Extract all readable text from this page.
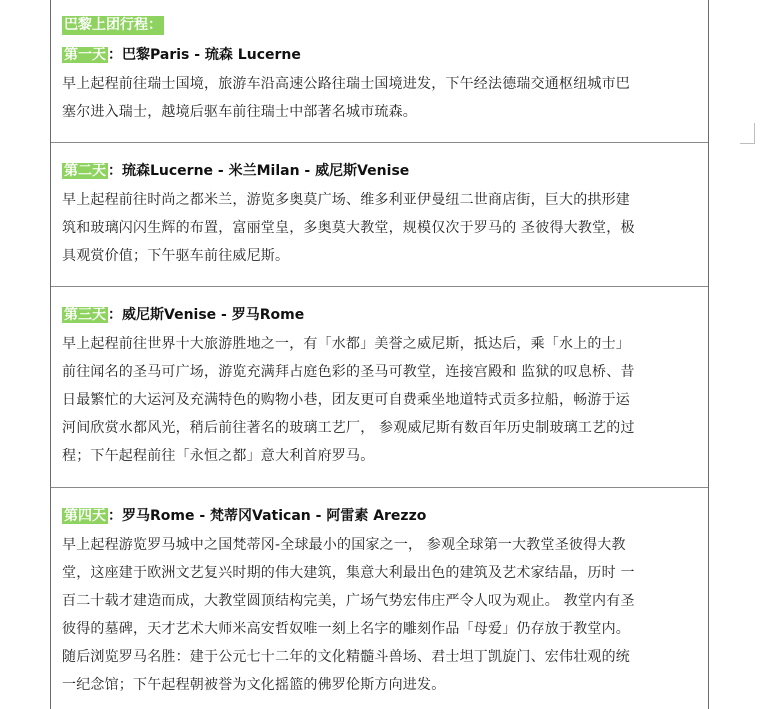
巴黎上团行程：
第一天 ：巴黎Paris - 琉森 Lucerne
早上起程前往瑞士国境，旅游车沿高速公路往瑞士国境进发，下午经法德瑞交通枢纽城市巴
塞尔进入瑞士，越境后驱车前往瑞士中部著名城市琉森。
第二天 ：琉森Lucerne - 米兰Milan - 威尼斯Venise
早上起程前往时尚之都米兰，游览多奥莫广场、维多利亚伊曼纽二世商店街，巨大的拱形建
筑和玻璃闪闪生辉的布置，富丽堂皇，多奥莫大教堂，规模仅次于罗马的 圣彼得大教堂，极
具观赏价值；下午驱车前往威尼斯。
第三天 ：威尼斯Venise - 罗马Rome
早上起程前往世界十大旅游胜地之一，有「水都」美誉之威尼斯，抵达后，乘「水上的士」
前往闻名的圣马可广场，游览充满拜占庭色彩的圣马可教堂，连接宫殿和 监狱的叹息桥、昔
日最繁忙的大运河及充满特色的购物小巷，团友更可自费乘坐地道特式贡多拉船，畅游于运
河间欣赏水都风光，稍后前往著名的玻璃工艺厂， 参观威尼斯有数百年历史制玻璃工艺的过
程；下午起程前往「永恒之都」意大利首府罗马。
第四天 ：罗马Rome - 梵蒂冈Vatican - 阿雷素 Arezzo
早上起程游览罗马城中之国梵蒂冈-全球最小的国家之一， 参观全球第一大教堂圣彼得大教
堂，这座建于欧洲文艺复兴时期的伟大建筑，集意大利最出色的建筑及艺术家结晶，历时 一
百二十载才建造而成，大教堂圆顶结构完美，广场气势宏伟庄严令人叹为观止。 教堂内有圣
彼得的墓碑，天才艺术大师米高安哲奴唯一刻上名字的雕刻作品「母爱」仍存放于教堂内。
随后浏览罗马名胜：建于公元七十二年的文化精髓斗兽场、君士坦丁凯旋门、宏伟壮观的统
一纪念馆；下午起程朝被誉为文化摇篮的佛罗伦斯方向进发。
